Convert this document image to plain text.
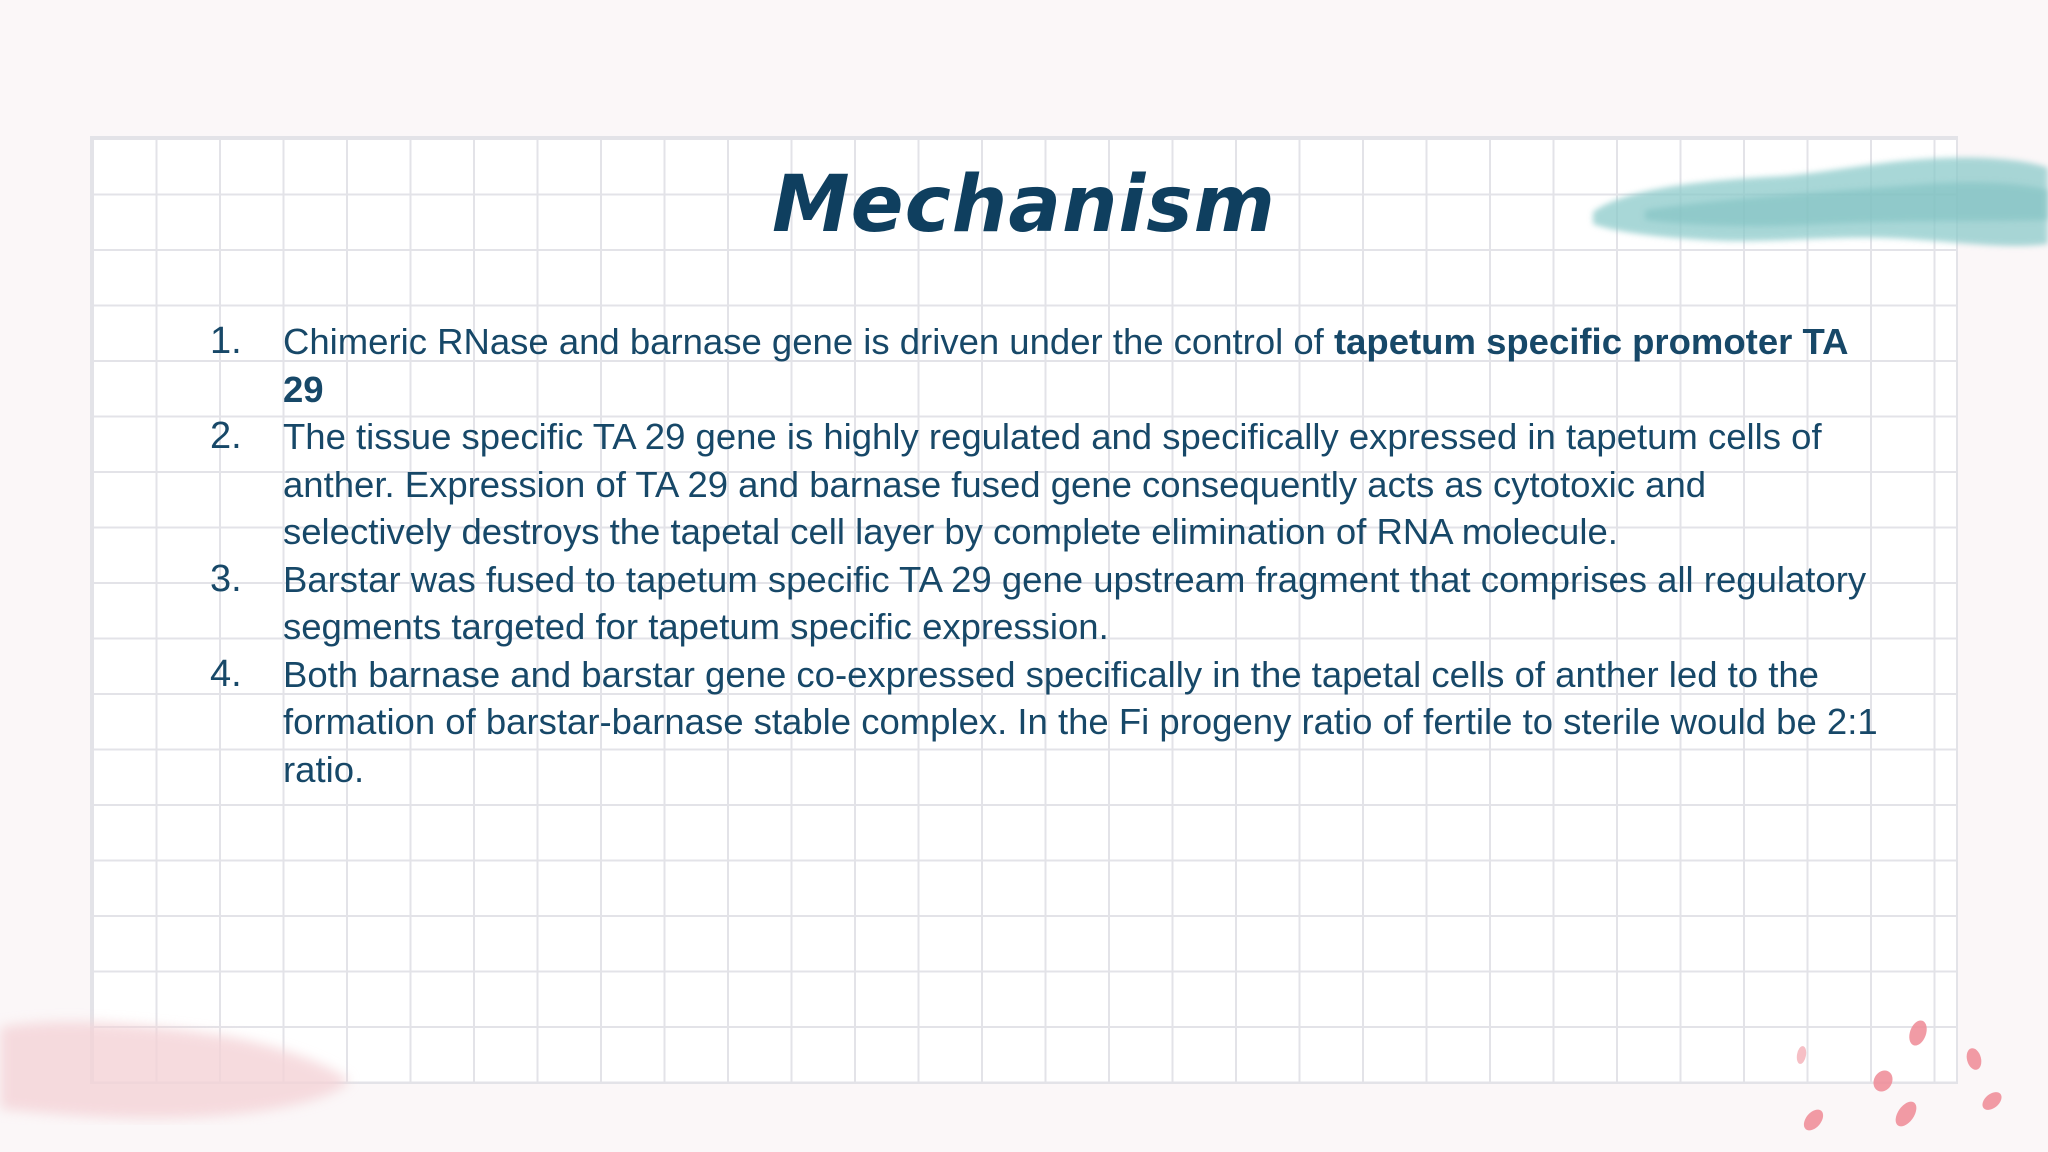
Mechanism
1. Chimeric RNase and barnase gene is driven under the control of tapetum specific promoter TA 29
2. The tissue specific TA 29 gene is highly regulated and specifically expressed in tapetum cells of anther. Expression of TA 29 and barnase fused gene consequently acts as cytotoxic and selectively destroys the tapetal cell layer by complete elimination of RNA molecule.
3. Barstar was fused to tapetum specific TA 29 gene upstream fragment that comprises all regulatory segments targeted for tapetum specific expression.
4. Both barnase and barstar gene co-expressed specifically in the tapetal cells of anther led to the formation of barstar-barnase stable complex. In the Fi progeny ratio of fertile to sterile would be 2:1 ratio.
